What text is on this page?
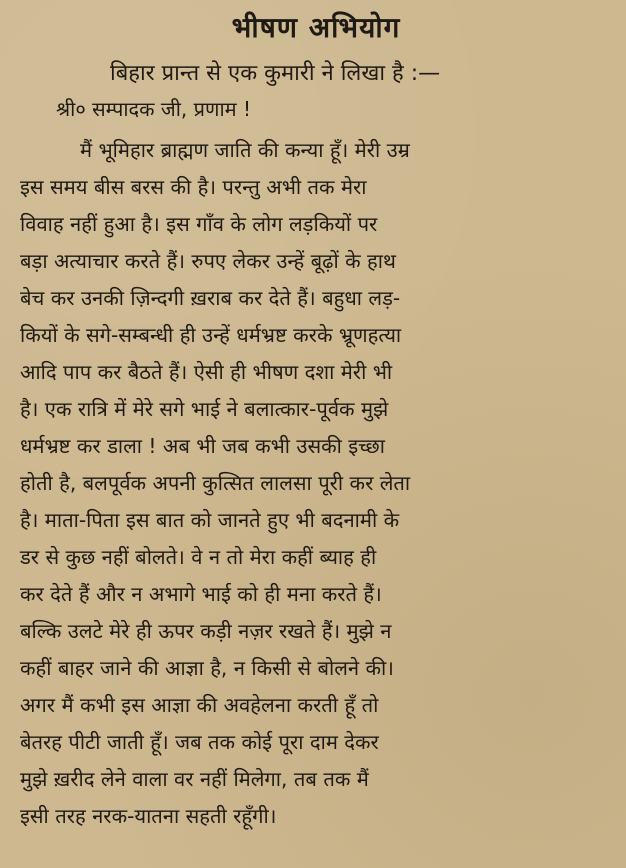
भीषण अभियोग

बिहार प्रान्त से एक कुमारी ने लिखा है :—

श्री० सम्पादक जी, प्रणाम !

मैं भूमिहार ब्राह्मण जाति की कन्या हूँ। मेरी उम्र
इस समय बीस बरस की है। परन्तु अभी तक मेरा
विवाह नहीं हुआ है। इस गाँव के लोग लड़कियों पर
बड़ा अत्याचार करते हैं। रुपए लेकर उन्हें बूढ़ों के हाथ
बेच कर उनकी ज़िन्दगी ख़राब कर देते हैं। बहुधा लड़-
कियों के सगे-सम्बन्धी ही उन्हें धर्मभ्रष्ट करके भ्रूणहत्या
आदि पाप कर बैठते हैं। ऐसी ही भीषण दशा मेरी भी
है। एक रात्रि में मेरे सगे भाई ने बलात्कार-पूर्वक मुझे
धर्मभ्रष्ट कर डाला ! अब भी जब कभी उसकी इच्छा
होती है, बलपूर्वक अपनी कुत्सित लालसा पूरी कर लेता
है। माता-पिता इस बात को जानते हुए भी बदनामी के
डर से कुछ नहीं बोलते। वे न तो मेरा कहीं ब्याह ही
कर देते हैं और न अभागे भाई को ही मना करते हैं।
बल्कि उलटे मेरे ही ऊपर कड़ी नज़र रखते हैं। मुझे न
कहीं बाहर जाने की आज्ञा है, न किसी से बोलने की।
अगर मैं कभी इस आज्ञा की अवहेलना करती हूँ तो
बेतरह पीटी जाती हूँ। जब तक कोई पूरा दाम देकर
मुझे ख़रीद लेने वाला वर नहीं मिलेगा, तब तक मैं
इसी तरह नरक-यातना सहती रहूँगी।
